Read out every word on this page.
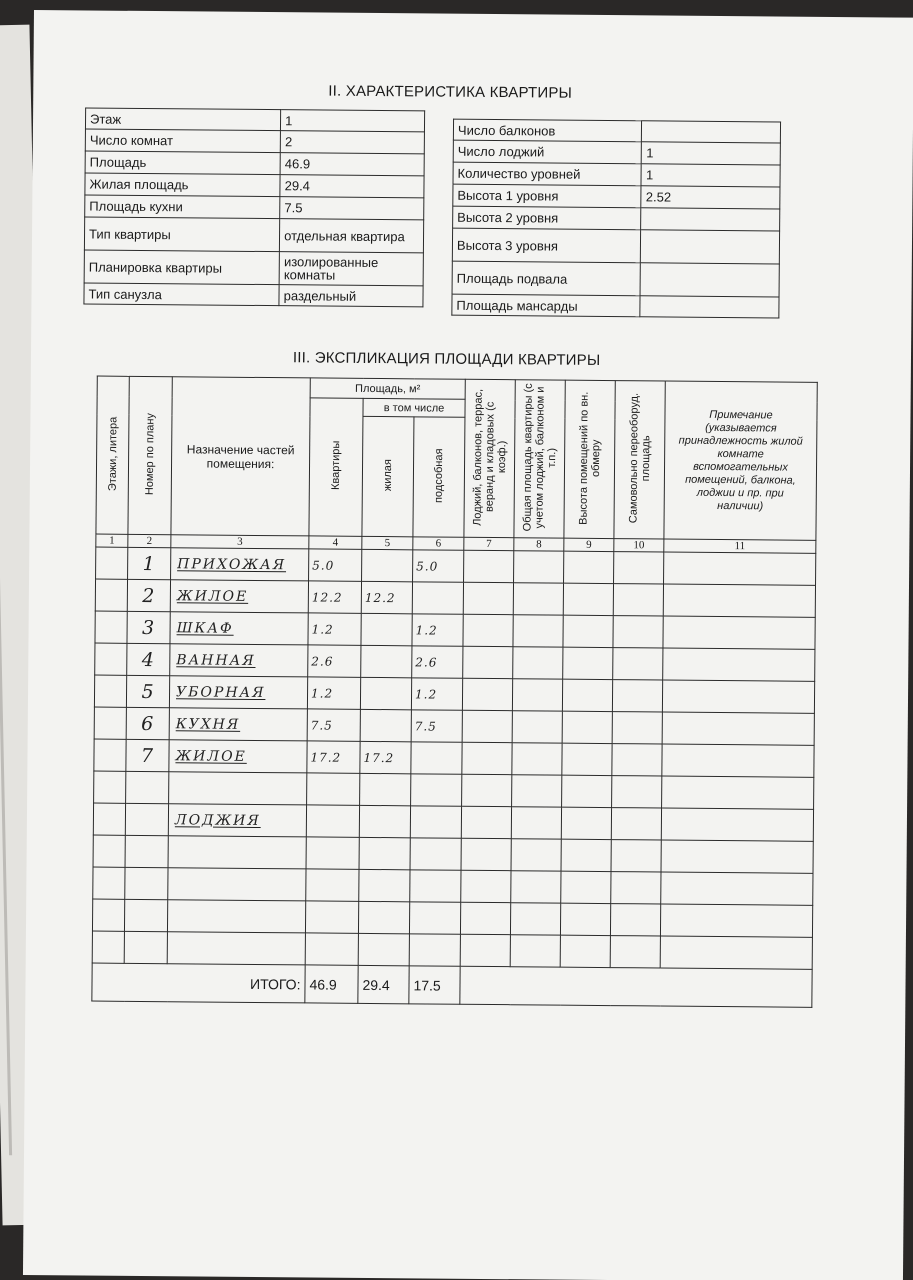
II. ХАРАКТЕРИСТИКА КВАРТИРЫ
Этаж	1
Число комнат	2
Площадь	46.9
Жилая площадь	29.4
Площадь кухни	7.5
Тип квартиры	отдельная квартира
Планировка квартиры	изолированные комнаты
Тип санузла	раздельный
Число балконов	
Число лоджий	1
Количество уровней	1
Высота 1 уровня	2.52
Высота 2 уровня	
Высота 3 уровня	
Площадь подвала	
Площадь мансарды	
III. ЭКСПЛИКАЦИЯ ПЛОЩАДИ КВАРТИРЫ
Этажи, литера	Номер по плану	Назначение частей помещения:	Площадь, м²			Лоджий, балконов, террас, веранд и кладовых (с коэф.)	Общая площадь квартиры (с учетом лоджий, балконом и т.п.)	Высота помещений по вн. обмеру	Самовольно переоборуд. площадь	Примечание (указывается принадлежность жилой комнате вспомогательных помещений, балкона, лоджии и пр. при наличии)
			Квартиры	в том числе						
				жилая	подсобная					
1	2	3	4	5	6	7	8	9	10	11
	1	ПРИХОЖАЯ	5.0		5.0					
	2	ЖИЛОЕ	12.2	12.2						
	3	ШКАФ	1.2		1.2					
	4	ВАННАЯ	2.6		2.6					
	5	УБОРНАЯ	1.2		1.2					
	6	КУХНЯ	7.5		7.5					
	7	ЖИЛОЕ	17.2	17.2						

		ЛОДЖИЯ								

ИТОГО:			46.9	29.4	17.5					
